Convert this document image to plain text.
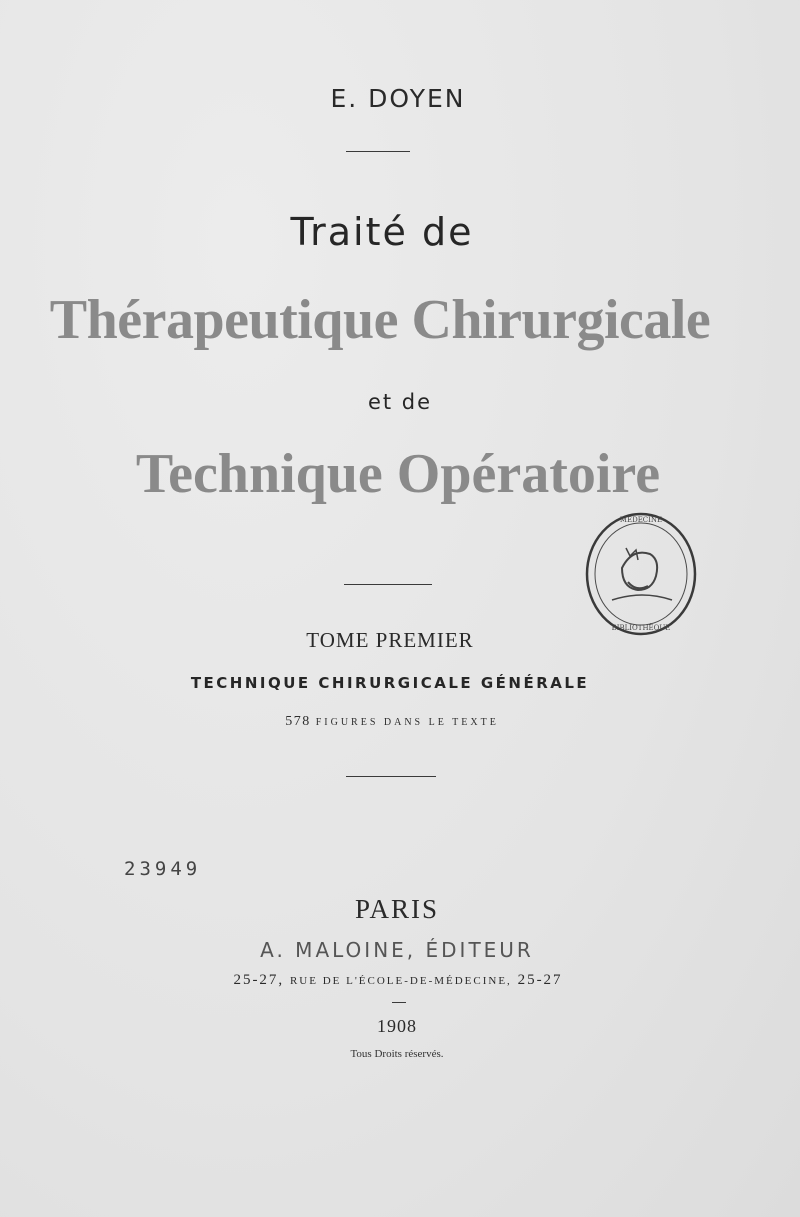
E. DOYEN
Traité de
Thérapeutique Chirurgicale
et de
Technique Opératoire
TOME PREMIER
TECHNIQUE CHIRURGICALE GÉNÉRALE
578 FIGURES DANS LE TEXTE
23949
PARIS
A. MALOINE, ÉDITEUR
25-27, RUE DE L'ÉCOLE-DE-MÉDECINE, 25-27
1908
Tous Droits réservés.
BIBLIOTHÈQUE
MÉDECINE
